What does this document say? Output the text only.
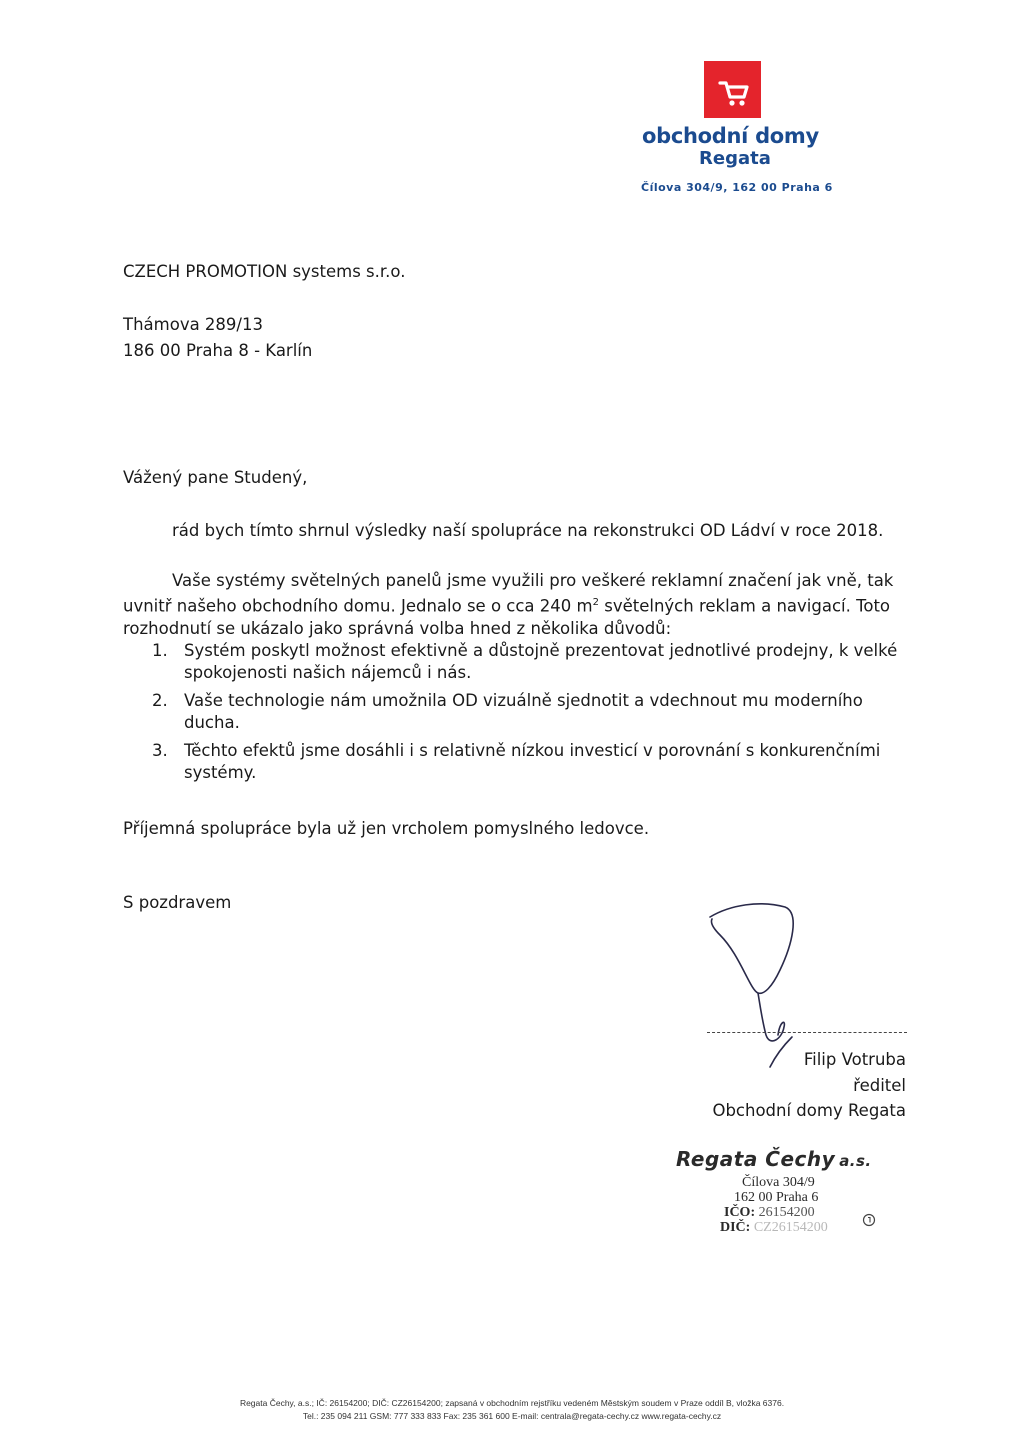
obchodní domy
Regata
Čílova 304/9, 162 00 Praha 6
CZECH PROMOTION systems s.r.o.
Thámova 289/13
186 00 Praha 8 - Karlín
Vážený pane Studený,
rád bych tímto shrnul výsledky naší spolupráce na rekonstrukci OD Ládví v roce 2018.
Vaše systémy světelných panelů jsme využili pro veškeré reklamní značení jak vně, tak uvnitř našeho obchodního domu. Jednalo se o cca 240 $m^2$ světelných reklam a navigací. Toto rozhodnutí se ukázalo jako správná volba hned z několika důvodů:
1. Systém poskytl možnost efektivně a důstojně prezentovat jednotlivé prodejny, k velké spokojenosti našich nájemců i nás.
2. Vaše technologie nám umožnila OD vizuálně sjednotit a vdechnout mu moderního ducha.
3. Těchto efektů jsme dosáhli i s relativně nízkou investicí v porovnání s konkurenčními systémy.
Příjemná spolupráce byla už jen vrcholem pomyslného ledovce.
S pozdravem
Filip Votruba
ředitel
Obchodní domy Regata
Regata Čechy a.s.
Čílova 304/9
162 00 Praha 6
IČO: 26154200
DIČ: CZ26154200
Regata Čechy, a.s.; IČ: 26154200; DIČ: CZ26154200; zapsaná v obchodním rejstříku vedeném Městským soudem v Praze oddíl B, vložka 6376.
Tel.: 235 094 211 GSM: 777 333 833 Fax: 235 361 600 E-mail: centrala@regata-cechy.cz www.regata-cechy.cz
